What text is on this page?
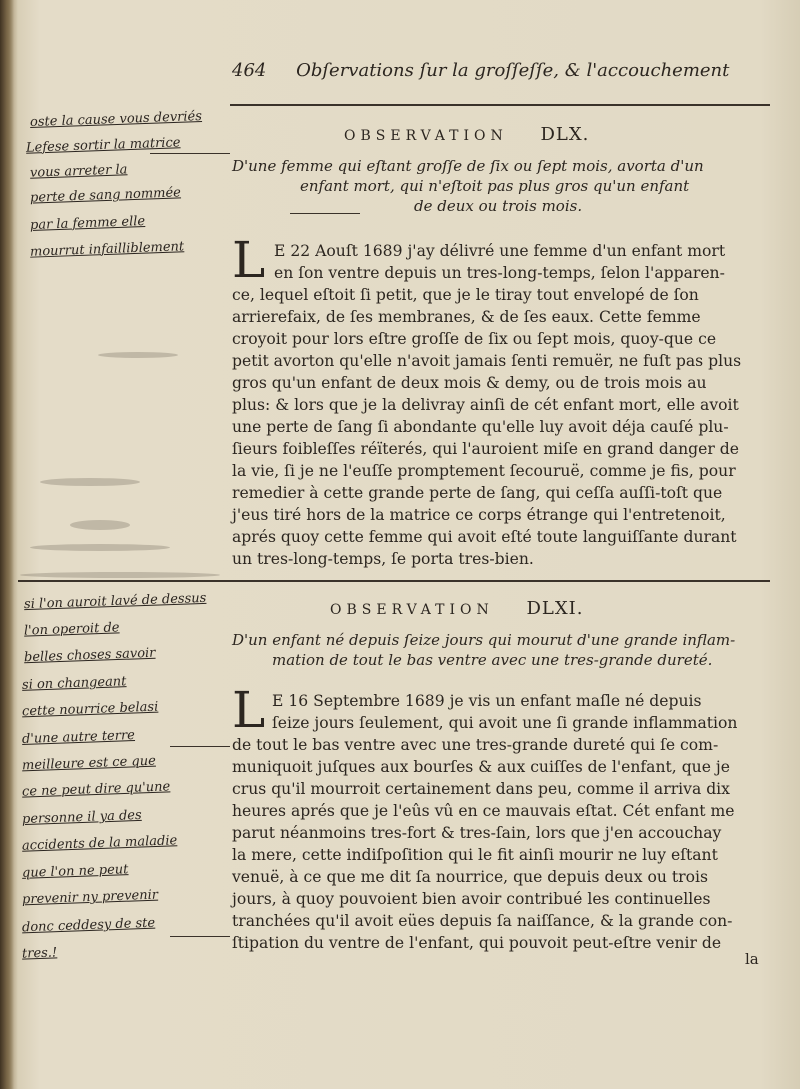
464 Obſervations ſur la groſſeſſe, & l'accouchement
OBSERVATION DLX.
D'une femme qui eſtant groſſe de ſix ou ſept mois, avorta d'un
enfant mort, qui n'eſtoit pas plus gros qu'un enfant
de deux ou trois mois.
L E 22 Aouſt 1689 j'ay délivré une femme d'un enfant mort
en ſon ventre depuis un tres-long-temps, ſelon l'apparen-
ce, lequel eſtoit ſi petit, que je le tiray tout envelopé de ſon
arrierefaix, de ſes membranes, & de ſes eaux. Cette femme
croyoit pour lors eſtre groſſe de ſix ou ſept mois, quoy-que ce
petit avorton qu'elle n'avoit jamais ſenti remuër, ne fuſt pas plus
gros qu'un enfant de deux mois & demy, ou de trois mois au
plus: & lors que je la delivray ainſi de cét enfant mort, elle avoit
une perte de ſang ſi abondante qu'elle luy avoit déja cauſé plu-
ſieurs foibleſſes réïterés, qui l'auroient miſe en grand danger de
la vie, ſi je ne l'euſſe promptement ſecouruë, comme je fis, pour
remedier à cette grande perte de ſang, qui ceſſa auſſi-toſt que
j'eus tiré hors de la matrice ce corps étrange qui l'entretenoit,
aprés quoy cette femme qui avoit eſté toute languiſſante durant
un tres-long-temps, ſe porta tres-bien.
oste la cause vous devriés
Lefese sortir la matrice
vous arreter la
perte de sang nommée
par la femme elle
mourrut infailliblement
OBSERVATION DLXI.
D'un enfant né depuis ſeize jours qui mourut d'une grande inflam-
mation de tout le bas ventre avec une tres-grande dureté.
L E 16 Septembre 1689 je vis un enfant maſle né depuis
ſeize jours ſeulement, qui avoit une ſi grande inflammation
de tout le bas ventre avec une tres-grande dureté qui ſe com-
muniquoit juſques aux bourſes & aux cuiſſes de l'enfant, que je
crus qu'il mourroit certainement dans peu, comme il arriva dix
heures aprés que je l'eûs vû en ce mauvais eſtat. Cét enfant me
parut néanmoins tres-fort & tres-ſain, lors que j'en accouchay
la mere, cette indiſpoſition qui le fit ainſi mourir ne luy eſtant
venuë, à ce que me dit ſa nourrice, que depuis deux ou trois
jours, à quoy pouvoient bien avoir contribué les continuelles
tranchées qu'il avoit eües depuis ſa naiſſance, & la grande con-
ſtipation du ventre de l'enfant, qui pouvoit peut-eſtre venir de
la
si l'on auroit lavé de dessus
l'on operoit de
belles choses savoir
si on changeant
cette nourrice belasi
d'une autre terre
meilleure est ce que
ce ne peut dire qu'une
personne il ya des
accidents de la maladie
que l'on ne peut
prevenir ny prevenir
donc ceddesy de ste
tres.!
